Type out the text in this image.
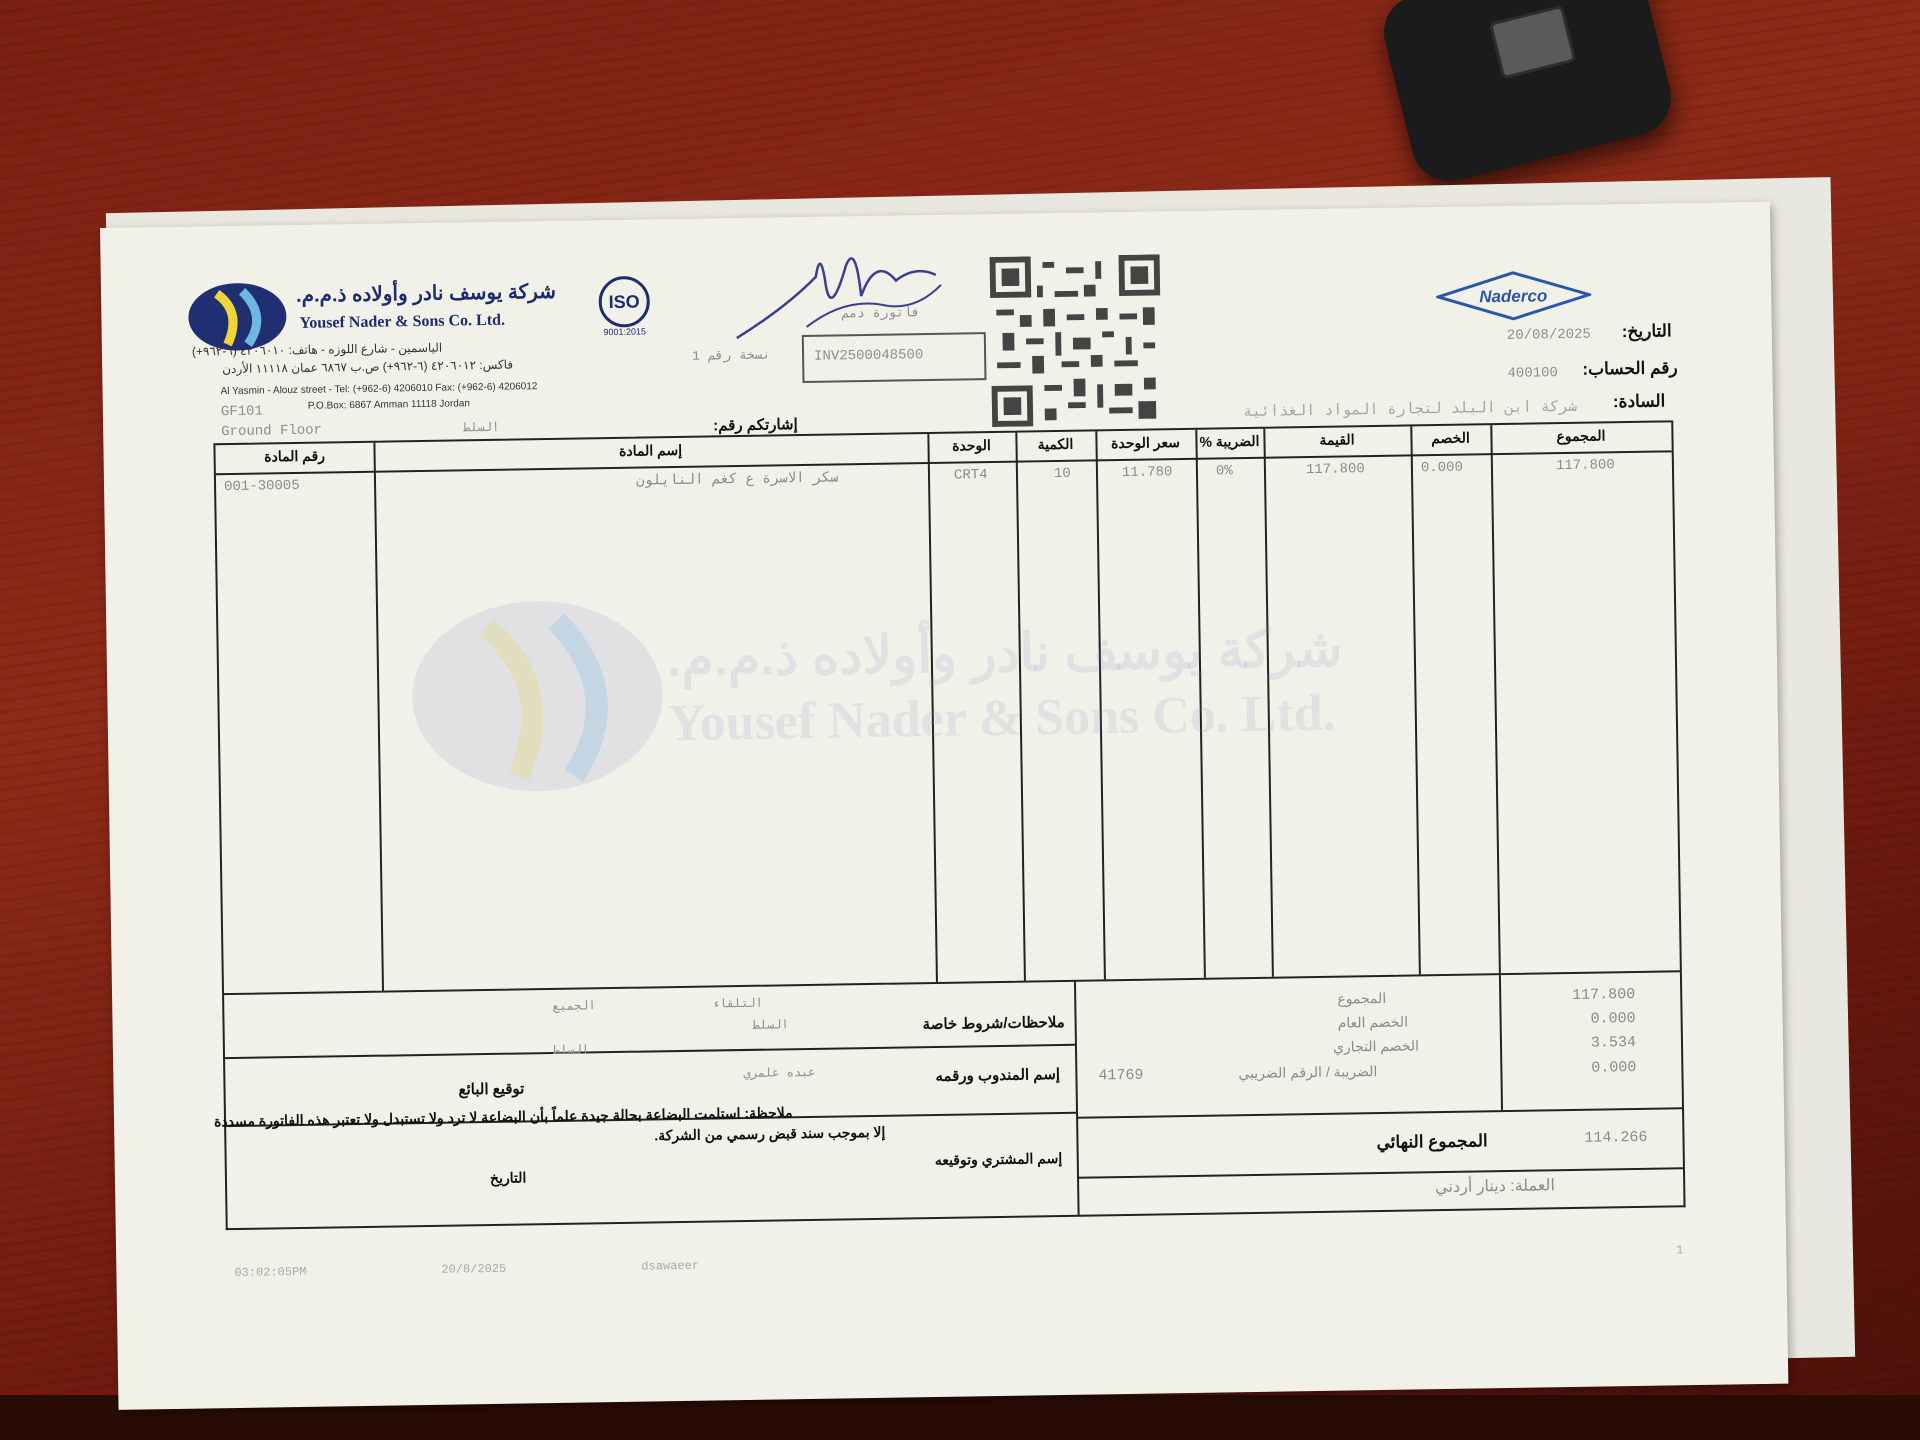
شركة يوسف نادر وأولاده ذ.م.م.
Yousef Nader & Sons Co. Ltd.
ISO
9001:2015
الياسمين - شارع اللوزه - هاتف: ٤٢٠٦٠١٠ (٦-٩٦٢+)
فاكس: ٤٢٠٦٠١٢ (٦-٩٦٢+) ص.ب ٦٨٦٧ عمان ١١١١٨ الأردن
Al Yasmin - Alouz street - Tel: (+962-6) 4206010 Fax: (+962-6) 4206012
P.O.Box: 6867 Amman 11118 Jordan
GF101
Ground Floor	السلط
فاتورة دمم
نسخة رقم 1	INV2500048500
Naderco
التاريخ:
20/08/2025
رقم الحساب:
400100
السادة:
شركة ابن البلد لتجارة المواد الغذائية
إشارتكم رقم:
رقم المادة	إسم المادة	الوحدة	الكمية	سعر الوحدة	الضريبة %	القيمة	الخصم	المجموع
001-30005	سكر الاسرة ع كغم النايلون	CRT4	10	11.780	0%	117.800	0.000	117.800
شركة يوسف نادر وأولاده ذ.م.م.
Yousef Nader & Sons Co. Ltd.
التلقاء
الجميع
السلط
السلط
ملاحظات/شروط خاصة
إسم المندوب ورقمه
عبده علمري
توقيع البائع
ملاحظة: استلمت البضاعة بحالة جيدة علماً بأن البضاعة لا ترد ولا تستبدل ولا تعتبر هذه الفاتورة مسددة
إلا بموجب سند قبض رسمي من الشركة.
إسم المشتري وتوقيعه
التاريخ
المجموع	117.800
الخصم العام	0.000
الخصم التجاري	3.534
الضريبة / الرقم الضريبي	0.000
41769
المجموع النهائي	114.266
العملة: دينار أردني
03:02:05PM	20/8/2025	dsawaeer
1
